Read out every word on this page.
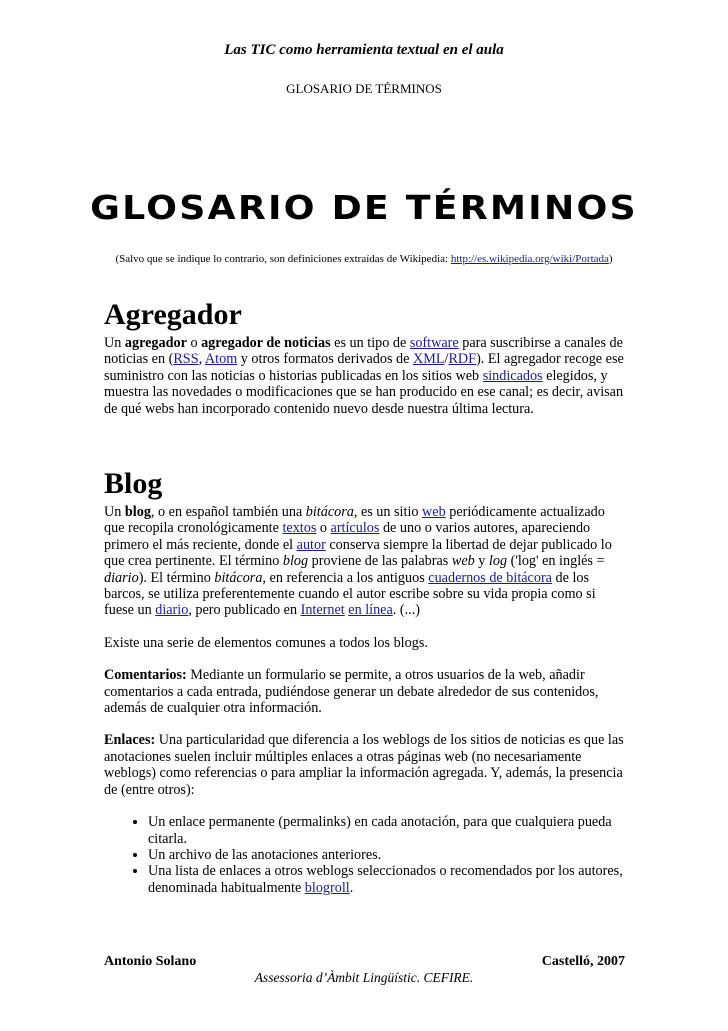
Las TIC como herramienta textual en el aula
GLOSARIO DE TÉRMINOS
GLOSARIO DE TÉRMINOS
(Salvo que se indique lo contrario, son definiciones extraídas de Wikipedia: http://es.wikipedia.org/wiki/Portada)
Agregador

Un agregador o agregador de noticias es un tipo de software para suscribirse a canales de noticias en (RSS, Atom y otros formatos derivados de XML/RDF). El agregador recoge ese suministro con las noticias o historias publicadas en los sitios web sindicados elegidos, y muestra las novedades o modificaciones que se han producido en ese canal; es decir, avisan de qué webs han incorporado contenido nuevo desde nuestra última lectura.

Blog

Un blog, o en español también una bitácora, es un sitio web periódicamente actualizado que recopila cronológicamente textos o artículos de uno o varios autores, apareciendo primero el más reciente, donde el autor conserva siempre la libertad de dejar publicado lo que crea pertinente. El término blog proviene de las palabras web y log ('log' en inglés = diario). El término bitácora, en referencia a los antiguos cuadernos de bitácora de los barcos, se utiliza preferentemente cuando el autor escribe sobre su vida propia como si fuese un diario, pero publicado en Internet en línea. (...)

Existe una serie de elementos comunes a todos los blogs.

Comentarios: Mediante un formulario se permite, a otros usuarios de la web, añadir comentarios a cada entrada, pudiéndose generar un debate alrededor de sus contenidos, además de cualquier otra información.

Enlaces: Una particularidad que diferencia a los weblogs de los sitios de noticias es que las anotaciones suelen incluir múltiples enlaces a otras páginas web (no necesariamente weblogs) como referencias o para ampliar la información agregada. Y, además, la presencia de (entre otros):

• Un enlace permanente (permalinks) en cada anotación, para que cualquiera pueda citarla.
• Un archivo de las anotaciones anteriores.
• Una lista de enlaces a otros weblogs seleccionados o recomendados por los autores, denominada habitualmente blogroll.
Antonio Solano	Castelló, 2007
Assessoria d’Àmbit Lingüístic. CEFIRE.
